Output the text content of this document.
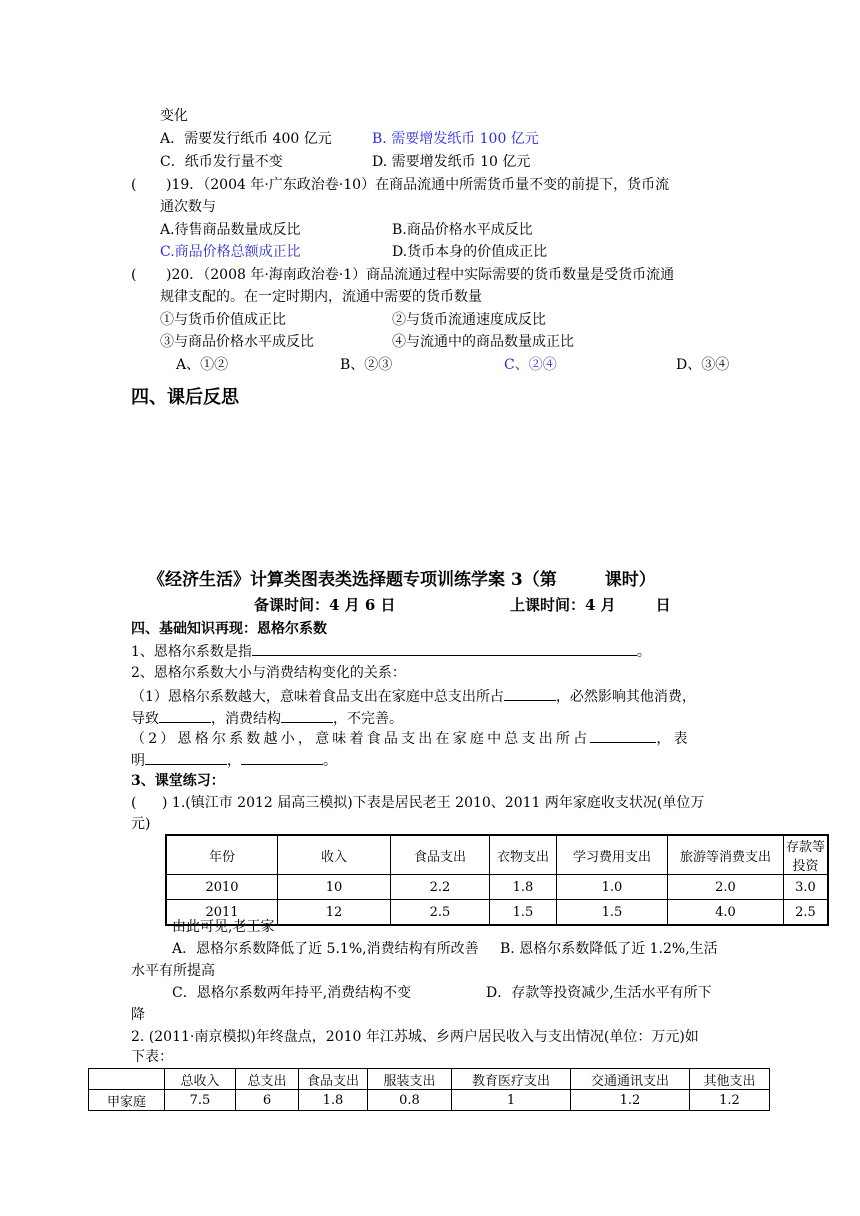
变化
A．需要发行纸币 400 亿元	B. 需要增发纸币 100 亿元
C．纸币发行量不变	D. 需要增发纸币 10 亿元
( )19．（2004 年·广东政治卷·10）在商品流通中所需货币量不变的前提下，货币流
通次数与
A.待售商品数量成反比	B.商品价格水平成反比
C.商品价格总额成正比	D.货币本身的价值成正比
( )20．（2008 年·海南政治卷·1）商品流通过程中实际需要的货币数量是受货币流通
规律支配的。在一定时期内，流通中需要的货币数量
①与货币价值成正比	②与货币流通速度成反比
③与商品价格水平成反比	④与流通中的商品数量成正比
A、①②	B、②③	C、②④	D、③④
四、课后反思
《经济生活》计算类图表类选择题专项训练学案 3（第	课时）
备课时间：4 月 6 日	上课时间：4 月	日
四、基础知识再现：恩格尔系数
1、恩格尔系数是指	。
2、恩格尔系数大小与消费结构变化的关系：
（1）恩格尔系数越大，意味着食品支出在家庭中总支出所占	，必然影响其他消费，
导致	，消费结构	，不完善。
（2）恩格尔系数越小，意味着食品支出在家庭中总支出所占	，表
明	，	。
3、课堂练习：
( ) 1.(镇江市 2012 届高三模拟)下表是居民老王 2010、2011 两年家庭收支状况(单位万
元)
年份	收入	食品支出	衣物支出	学习费用支出	旅游等消费支出	存款等投资
2010	10	2.2	1.8	1.0	2.0	3.0
2011	12	2.5	1.5	1.5	4.0	2.5
由此可见,老王家
A．恩格尔系数降低了近 5.1%,消费结构有所改善 B. 恩格尔系数降低了近 1.2%,生活
水平有所提高
C．恩格尔系数两年持平,消费结构不变	D．存款等投资减少,生活水平有所下
降
2. (2011·南京模拟)年终盘点，2010 年江苏城、乡两户居民收入与支出情况(单位：万元)如
下表：
	总收入	总支出	食品支出	服装支出	教育医疗支出	交通通讯支出	其他支出
甲家庭	7.5	6	1.8	0.8	1	1.2	1.2
